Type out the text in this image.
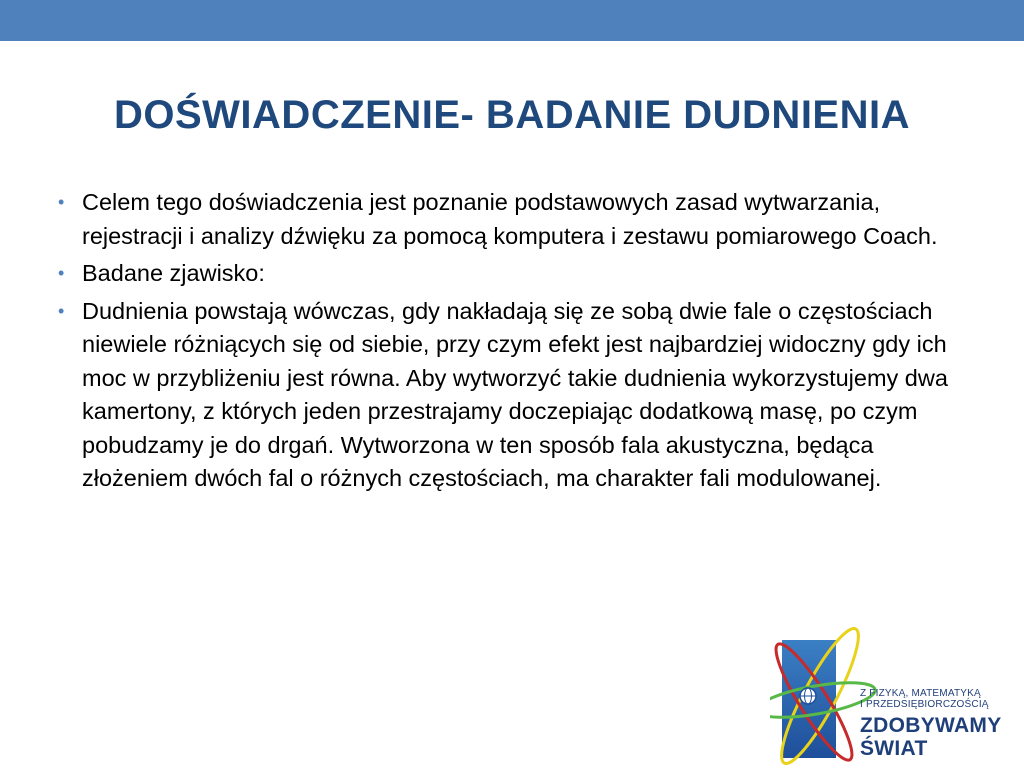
DOŚWIADCZENIE- BADANIE DUDNIENIA
• Celem tego doświadczenia jest poznanie podstawowych zasad wytwarzania, rejestracji i analizy dźwięku za pomocą komputera i zestawu pomiarowego Coach.
• Badane zjawisko:
• Dudnienia powstają wówczas, gdy nakładają się ze sobą dwie fale o częstościach niewiele różniących się od siebie, przy czym efekt jest najbardziej widoczny gdy ich moc w przybliżeniu jest równa. Aby wytworzyć takie dudnienia wykorzystujemy dwa kamertony, z których jeden przestrajamy doczepiając dodatkową masę, po czym pobudzamy je do drgań. Wytworzona w ten sposób fala akustyczna, będąca złożeniem dwóch fal o różnych częstościach, ma charakter fali modulowanej.
Z FIZYKĄ, MATEMATYKĄ
I PRZEDSIĘBIORCZOŚCIĄ
ZDOBYWAMY
ŚWIAT
